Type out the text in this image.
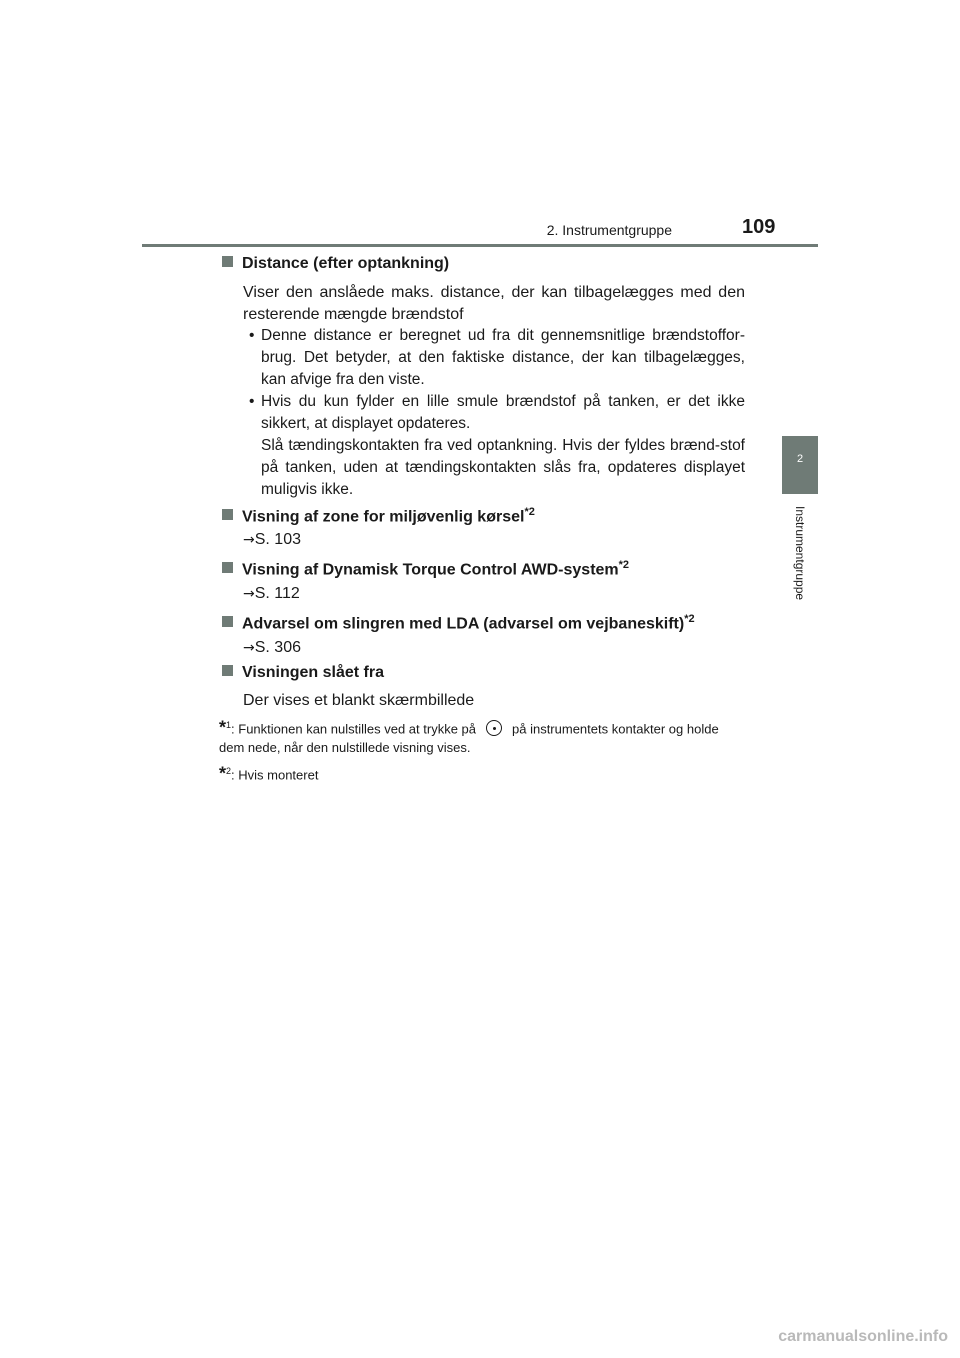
2. Instrumentgruppe	109
2
Instrumentgruppe
Distance (efter optankning)
Viser den anslåede maks. distance, der kan tilbagelægges med den resterende mængde brændstof
• Denne distance er beregnet ud fra dit gennemsnitlige brændstoffor-brug. Det betyder, at den faktiske distance, der kan tilbagelægges, kan afvige fra den viste.
• Hvis du kun fylder en lille smule brændstof på tanken, er det ikke sikkert, at displayet opdateres.
Slå tændingskontakten fra ved optankning. Hvis der fyldes brænd-stof på tanken, uden at tændingskontakten slås fra, opdateres displayet muligvis ikke.
Visning af zone for miljøvenlig kørsel$^{*2}$
→S. 103
Visning af Dynamisk Torque Control AWD-system$^{*2}$
→S. 112
Advarsel om slingren med LDA (advarsel om vejbaneskift)$^{*2}$
→S. 306
Visningen slået fra
Der vises et blankt skærmbillede
*$^1$: Funktionen kan nulstilles ved at trykke på	på instrumentets kontakter og holde dem nede, når den nulstillede visning vises.
*$^2$: Hvis monteret
carmanualsonline.info
